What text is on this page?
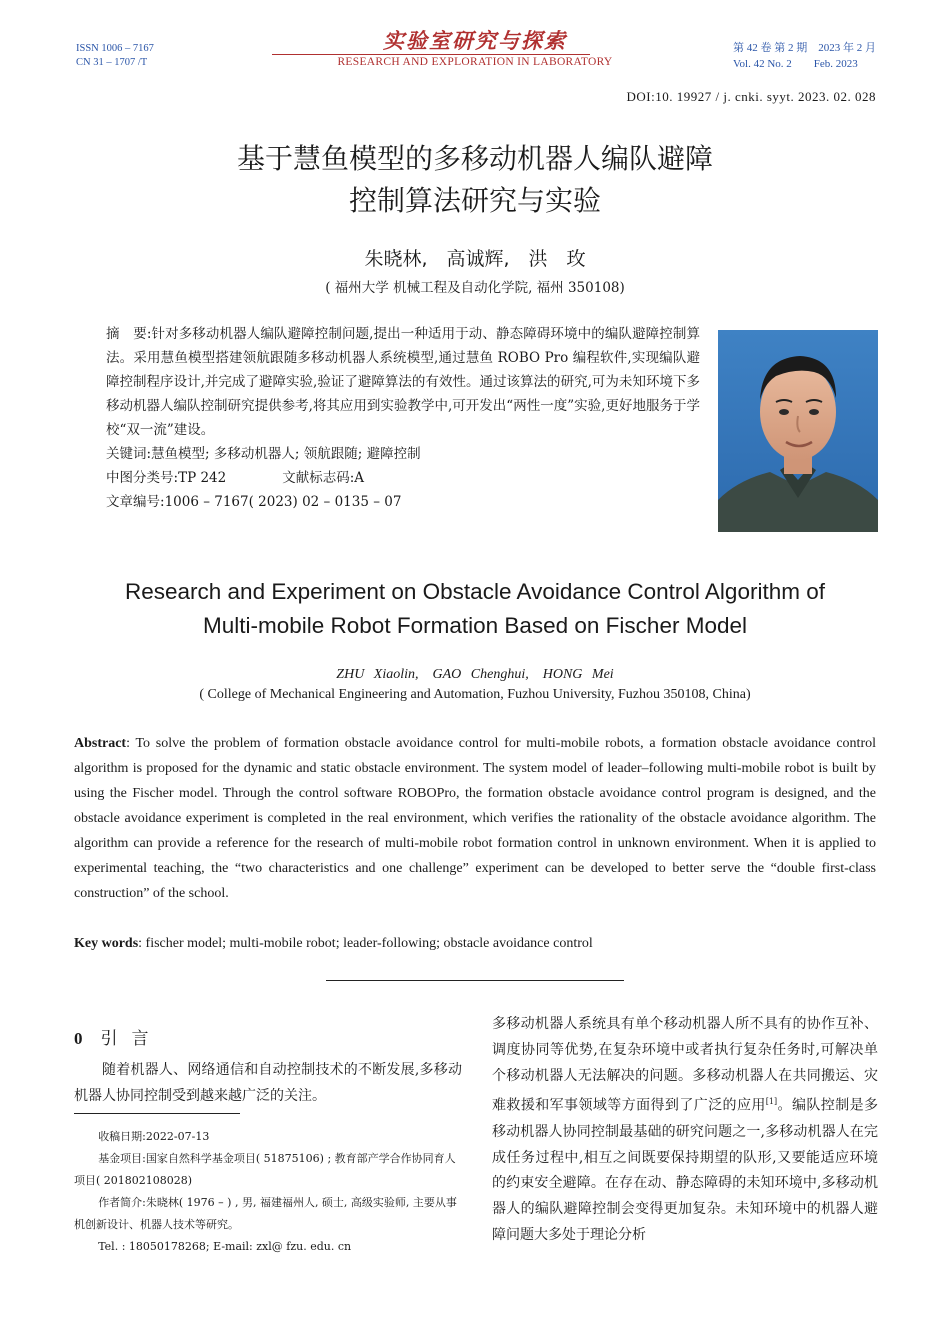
ISSN 1006 – 7167
CN 31 – 1707 /T
实验室研究与探索
RESEARCH AND EXPLORATION IN LABORATORY
第 42 卷 第 2 期　2023 年 2 月
Vol. 42 No. 2　　Feb. 2023
DOI:10. 19927 / j. cnki. syyt. 2023. 02. 028
基于慧鱼模型的多移动机器人编队避障
控制算法研究与实验
朱晓林,　高诚辉,　洪　玫
( 福州大学 机械工程及自动化学院, 福州 350108)

摘　要:针对多移动机器人编队避障控制问题,提出一种适用于动、静态障碍环境中的编队避障控制算法。采用慧鱼模型搭建领航跟随多移动机器人系统模型,通过慧鱼 ROBO Pro 编程软件,实现编队避障控制程序设计,并完成了避障实验,验证了避障算法的有效性。通过该算法的研究,可为未知环境下多移动机器人编队控制研究提供参考,将其应用到实验教学中,可开发出“两性一度”实验,更好地服务于学校“双一流”建设。

关键词:慧鱼模型; 多移动机器人; 领航跟随; 避障控制

中图分类号:TP 242	文献标志码:A

文章编号:1006 – 7167( 2023) 02 – 0135 – 07

Research and Experiment on Obstacle Avoidance Control Algorithm of
Multi-mobile Robot Formation Based on Fischer Model
ZHU Xiaolin,　GAO Chenghui,　HONG Mei
( College of Mechanical Engineering and Automation, Fuzhou University, Fuzhou 350108, China)
Abstract: To solve the problem of formation obstacle avoidance control for multi-mobile robots, a formation obstacle avoidance control algorithm is proposed for the dynamic and static obstacle environment. The system model of leader–following multi-mobile robot is built by using the Fischer model. Through the control software ROBOPro, the formation obstacle avoidance control program is designed, and the obstacle avoidance experiment is completed in the real environment, which verifies the rationality of the obstacle avoidance algorithm. The algorithm can provide a reference for the research of multi-mobile robot formation control in unknown environment. When it is applied to experimental teaching, the “two characteristics and one challenge” experiment can be developed to better serve the “double first-class construction” of the school.
Key words: fischer model; multi-mobile robot; leader-following; obstacle avoidance control
0 引言
随着机器人、网络通信和自动控制技术的不断发展,多移动机器人协同控制受到越来越广泛的关注。
收稿日期:2022-07-13
基金项目:国家自然科学基金项目( 51875106) ; 教育部产学合作协同育人项目( 201802108028)
作者简介:朱晓林( 1976 – ) , 男, 福建福州人, 硕士, 高级实验师, 主要从事机创新设计、机器人技术等研究。
Tel. : 18050178268; E-mail: zxl@ fzu. edu. cn
多移动机器人系统具有单个移动机器人所不具有的协作互补、调度协同等优势,在复杂环境中或者执行复杂任务时,可解决单个移动机器人无法解决的问题。多移动机器人在共同搬运、灾难救援和军事领域等方面得到了广泛的应用[1]。编队控制是多移动机器人协同控制最基础的研究问题之一,多移动机器人在完成任务过程中,相互之间既要保持期望的队形,又要能适应环境的约束安全避障。在存在动、静态障碍的未知环境中,多移动机器人的编队避障控制会变得更加复杂。未知环境中的机器人避障问题大多处于理论分析
